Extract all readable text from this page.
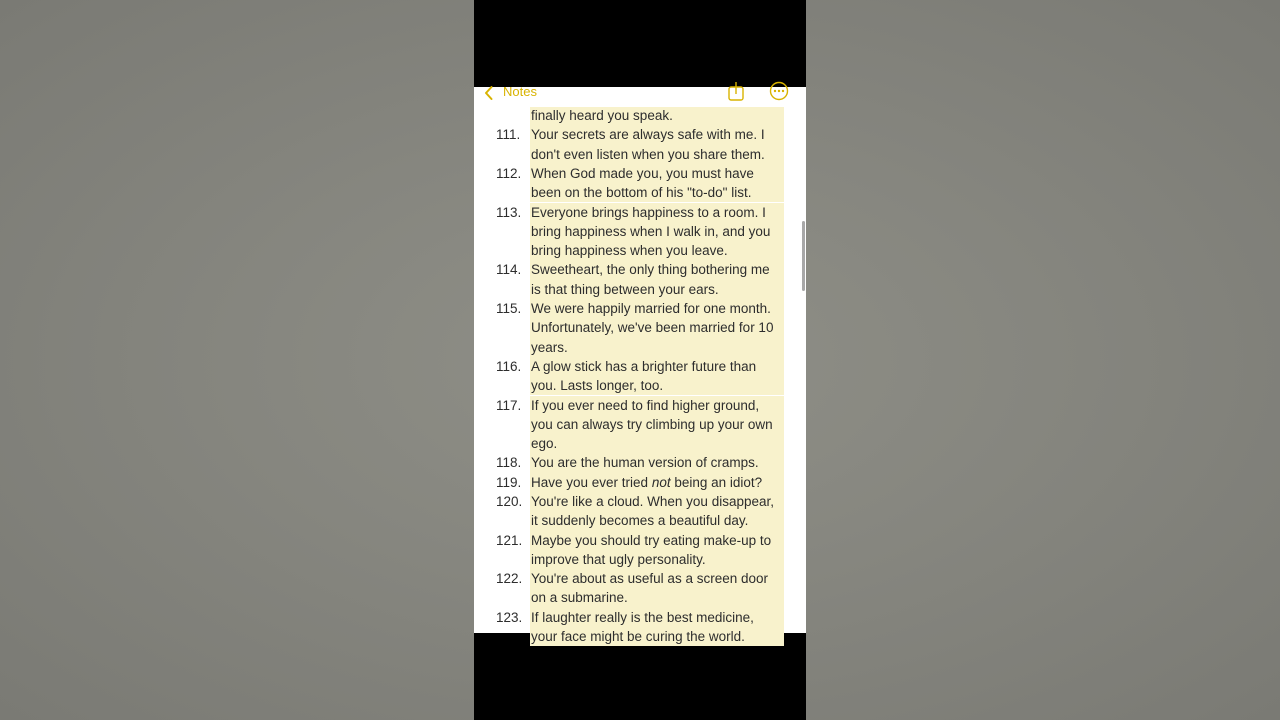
Notes
finally heard you speak.
111. Your secrets are always safe with me. I
don't even listen when you share them.
112. When God made you, you must have
been on the bottom of his "to-do" list.
113. Everyone brings happiness to a room. I
bring happiness when I walk in, and you
bring happiness when you leave.
114. Sweetheart, the only thing bothering me
is that thing between your ears.
115. We were happily married for one month.
Unfortunately, we've been married for 10
years.
116. A glow stick has a brighter future than
you. Lasts longer, too.
117. If you ever need to find higher ground,
you can always try climbing up your own
ego.
118. You are the human version of cramps.
119. Have you ever tried not being an idiot?
120. You're like a cloud. When you disappear,
it suddenly becomes a beautiful day.
121. Maybe you should try eating make-up to
improve that ugly personality.
122. You're about as useful as a screen door
on a submarine.
123. If laughter really is the best medicine,
your face might be curing the world.
